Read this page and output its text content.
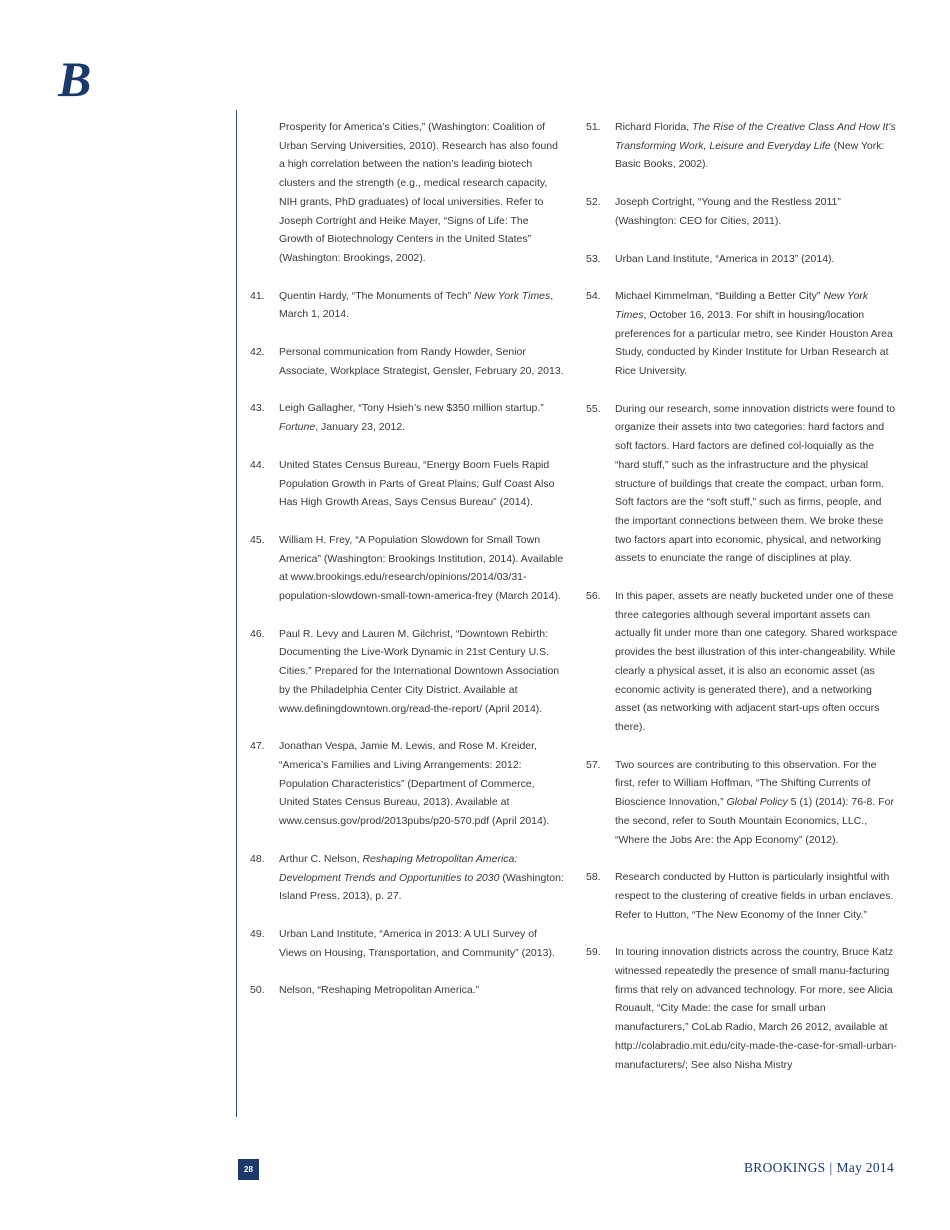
B
Prosperity for America’s Cities,” (Washington: Coalition of Urban Serving Universities, 2010). Research has also found a high correlation between the nation’s leading biotech clusters and the strength (e.g., medical research capacity, NIH grants, PhD graduates) of local universities. Refer to Joseph Cortright and Heike Mayer, “Signs of Life: The Growth of Biotechnology Centers in the United States” (Washington: Brookings, 2002).
41. Quentin Hardy, “The Monuments of Tech” New York Times, March 1, 2014.
42. Personal communication from Randy Howder, Senior Associate, Workplace Strategist, Gensler, February 20, 2013.
43. Leigh Gallagher, “Tony Hsieh’s new $350 million startup.” Fortune, January 23, 2012.
44. United States Census Bureau, “Energy Boom Fuels Rapid Population Growth in Parts of Great Plains; Gulf Coast Also Has High Growth Areas, Says Census Bureau” (2014).
45. William H. Frey, “A Population Slowdown for Small Town America” (Washington: Brookings Institution, 2014). Available at www.brookings.edu/research/opinions/2014/03/31-population-slowdown-small-town-america-frey (March 2014).
46. Paul R. Levy and Lauren M. Gilchrist, “Downtown Rebirth: Documenting the Live-Work Dynamic in 21st Century U.S. Cities.” Prepared for the International Downtown Association by the Philadelphia Center City District. Available at www.definingdowntown.org/read-the-report/ (April 2014).
47. Jonathan Vespa, Jamie M. Lewis, and Rose M. Kreider, “America’s Families and Living Arrangements: 2012: Population Characteristics” (Department of Commerce, United States Census Bureau, 2013). Available at www.census.gov/prod/2013pubs/p20-570.pdf (April 2014).
48. Arthur C. Nelson, Reshaping Metropolitan America: Development Trends and Opportunities to 2030 (Washington: Island Press, 2013), p. 27.
49. Urban Land Institute, “America in 2013: A ULI Survey of Views on Housing, Transportation, and Community” (2013).
50. Nelson, “Reshaping Metropolitan America.”
51. Richard Florida, The Rise of the Creative Class And How It’s Transforming Work, Leisure and Everyday Life (New York: Basic Books, 2002).
52. Joseph Cortright, “Young and the Restless 2011” (Washington: CEO for Cities, 2011).
53. Urban Land Institute, “America in 2013” (2014).
54. Michael Kimmelman, “Building a Better City” New York Times, October 16, 2013. For shift in housing/location preferences for a particular metro, see Kinder Houston Area Study, conducted by Kinder Institute for Urban Research at Rice University.
55. During our research, some innovation districts were found to organize their assets into two categories: hard factors and soft factors. Hard factors are defined col-loquially as the “hard stuff,” such as the infrastructure and the physical structure of buildings that create the compact, urban form. Soft factors are the “soft stuff,” such as firms, people, and the important connections between them. We broke these two factors apart into economic, physical, and networking assets to enunciate the range of disciplines at play.
56. In this paper, assets are neatly bucketed under one of these three categories although several important assets can actually fit under more than one category. Shared workspace provides the best illustration of this inter-changeability. While clearly a physical asset, it is also an economic asset (as economic activity is generated there), and a networking asset (as networking with adjacent start-ups often occurs there).
57. Two sources are contributing to this observation. For the first, refer to William Hoffman, “The Shifting Currents of Bioscience Innovation,” Global Policy 5 (1) (2014): 76-8. For the second, refer to South Mountain Economics, LLC., “Where the Jobs Are: the App Economy” (2012).
58. Research conducted by Hutton is particularly insightful with respect to the clustering of creative fields in urban enclaves. Refer to Hutton, “The New Economy of the Inner City.”
59. In touring innovation districts across the country, Bruce Katz witnessed repeatedly the presence of small manu-facturing firms that rely on advanced technology. For more, see Alicia Rouault, “City Made: the case for small urban manufacturers,” CoLab Radio, March 26 2012, available at http://colabradio.mit.edu/city-made-the-case-for-small-urban-manufacturers/; See also Nisha Mistry
28	BROOKINGS | May 2014
